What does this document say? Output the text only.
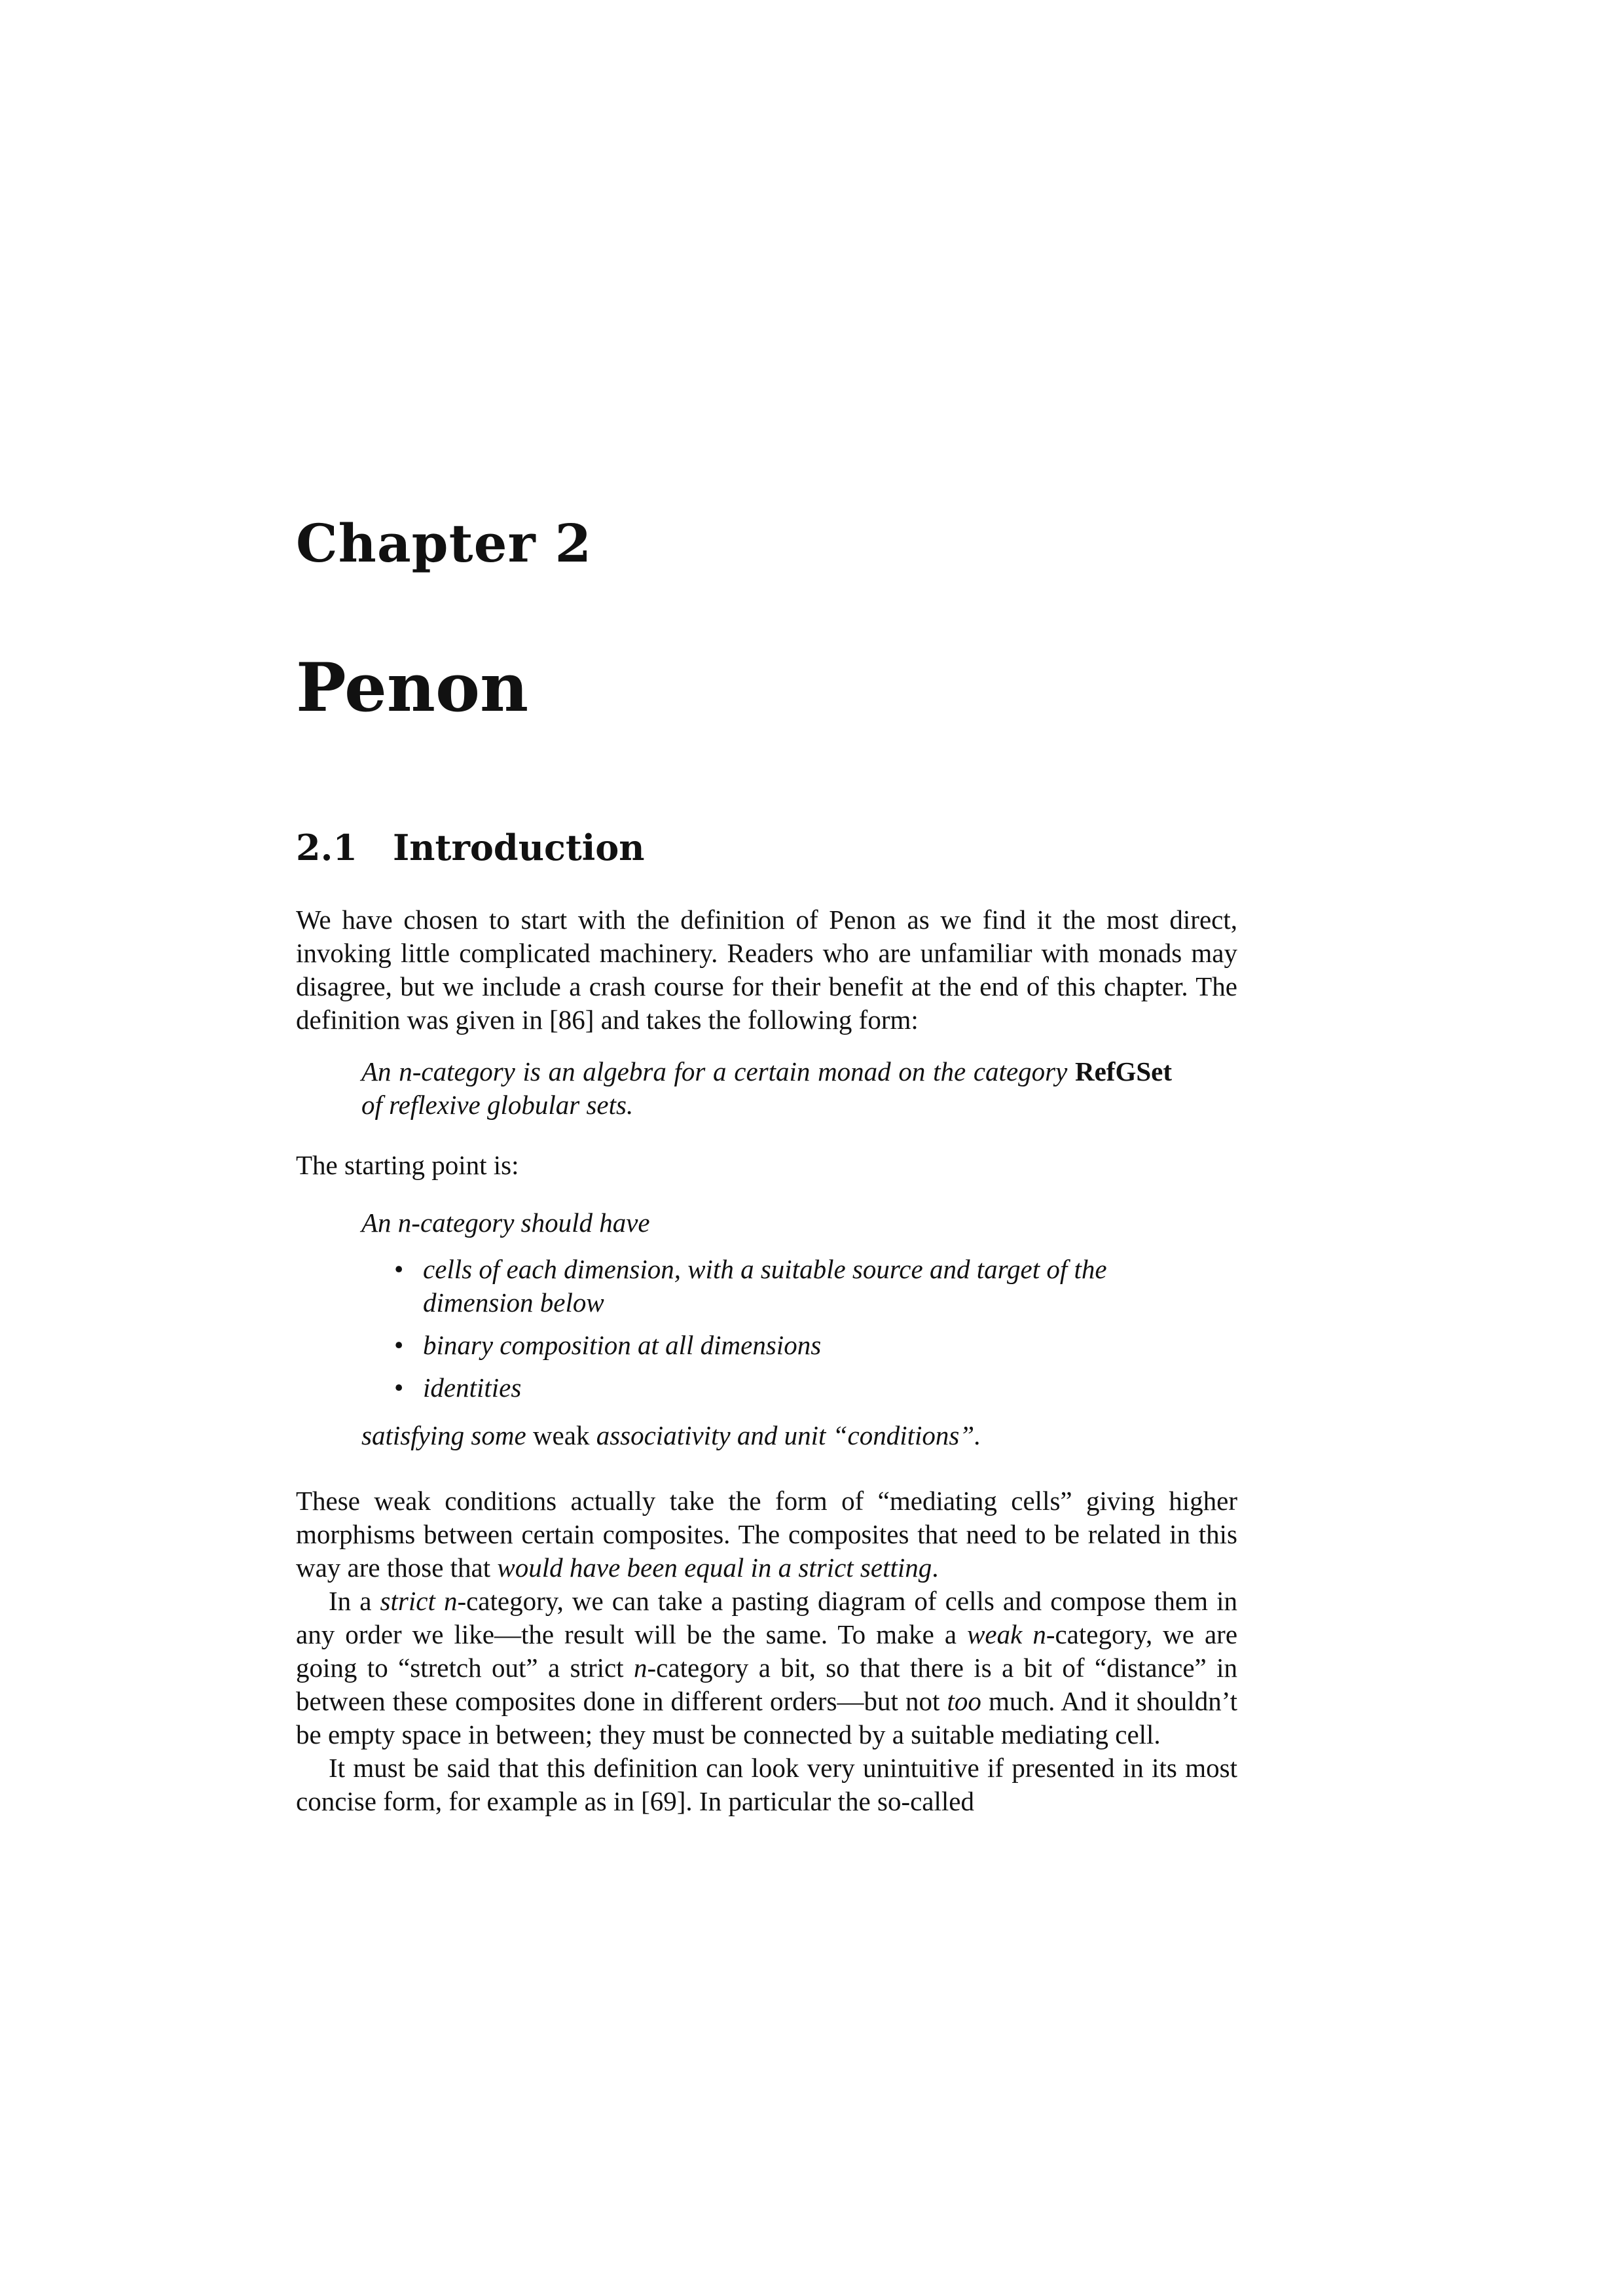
Chapter 2
Penon
2.1 Introduction

We have chosen to start with the definition of Penon as we find it the most direct, invoking little complicated machinery. Readers who are unfamiliar with monads may disagree, but we include a crash course for their benefit at the end of this chapter. The definition was given in [86] and takes the following form:

An n-category is an algebra for a certain monad on the category RefGSet of reflexive globular sets.

The starting point is:

An n-category should have
• cells of each dimension, with a suitable source and target of the dimension below
• binary composition at all dimensions
• identities
satisfying some weak associativity and unit “conditions”.

These weak conditions actually take the form of “mediating cells” giving higher morphisms between certain composites. The composites that need to be related in this way are those that would have been equal in a strict setting.

In a strict n-category, we can take a pasting diagram of cells and compose them in any order we like—the result will be the same. To make a weak n-category, we are going to “stretch out” a strict n-category a bit, so that there is a bit of “distance” in between these composites done in different orders—but not too much. And it shouldn’t be empty space in between; they must be connected by a suitable mediating cell.

It must be said that this definition can look very unintuitive if presented in its most concise form, for example as in [69]. In particular the so-called
